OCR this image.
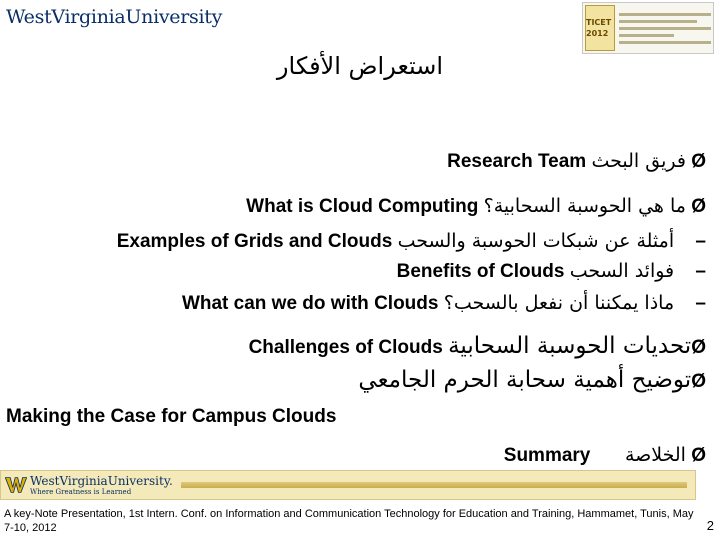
WestVirginiaUniversity	TICET 2012
استعراض الأفكار
Research Team فريق البحث Ø
What is Cloud Computing ما هي الحوسبة السحابية؟ Ø
Examples of Grids and Clouds أمثلة عن شبكات الحوسبة والسحب –
Benefits of Clouds فوائد السحب –
What can we do with Clouds ماذا يمكننا أن نفعل بالسحب؟ –
Challenges of Clouds تحديات الحوسبة السحابيةØ
توضيح أهمية سحابة الحرم الجامعيØ
Making the Case for Campus Clouds
Summary الخلاصة Ø
WestVirginiaUniversity.
Where Greatness is Learned
A key-Note Presentation, 1st Intern. Conf. on Information and Communication Technology for Education and Training, Hammamet, Tunis, May 7-10, 2012	2
